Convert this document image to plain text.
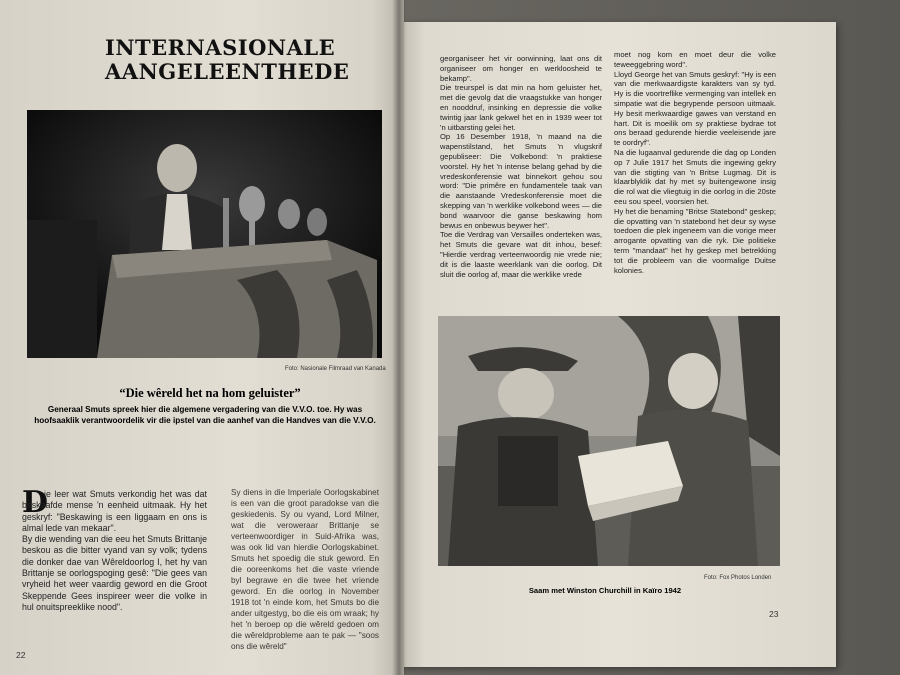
INTERNASIONALE AANGELEENTHEDE
Foto: Nasionale Filmraad van Kanada
“Die wêreld het na hom geluister”
Generaal Smuts spreek hier die algemene vergadering van die V.V.O. toe. Hy was hoofsaaklik verantwoordelik vir die ipstel van die aanhef van die Handves van die V.V.O.
D
ie leer wat Smuts verkondig het was dat beskaafde mense 'n eenheid uitmaak. Hy het geskryf: "Beskawing is een liggaam en ons is almal lede van mekaar".
By die wending van die eeu het Smuts Brittanje beskou as die bitter vyand van sy volk; tydens die donker dae van Wêreldoorlog I, het hy van Brittanje se oorlogspoging gesê: "Die gees van vryheid het weer vaardig geword en die Groot Skeppende Gees inspireer weer die volke in hul onuitspreeklike nood".
Sy diens in die Imperiale Oorlogskabinet is een van die groot paradokse van die geskiedenis. Sy ou vyand, Lord Milner, wat die veroweraar Brittanje se verteenwoordiger in Suid-Afrika was, was ook lid van hierdie Oorlogskabinet. Smuts het spoedig die stuk geword. En die ooreenkoms het die vaste vriende byl begrawe en die twee het vriende geword. En die oorlog in November 1918 tot 'n einde kom, het Smuts bo die ander uitgestyg, bo die eis om wraak; hy het 'n beroep op die wêreld gedoen om die wêreldprobleme aan te pak — "soos ons die wêreld"
22
georganiseer het vir oorwinning, laat ons dit organiseer om honger en werkloosheid te bekamp".
Die treurspel is dat min na hom geluister het, met die gevolg dat die vraagstukke van honger en nooddruf, insinking en depressie die volke twintig jaar lank gekwel het en in 1939 weer tot 'n uitbarsting gelei het.
Op 16 Desember 1918, 'n maand na die wapenstilstand, het Smuts 'n vlugskrif gepubliseer: Die Volkebond: 'n praktiese voorstel. Hy het 'n intense belang gehad by die vredeskonferensie wat binnekort gehou sou word: "Die primêre en fundamentele taak van die aanstaande Vredeskonferensie moet die skepping van 'n werklike volkebond wees — die bond waarvoor die ganse beskawing hom bewus en onbewus beywer het".
Toe die Verdrag van Versailles onderteken was, het Smuts die gevare wat dit inhou, besef: "Hierdie verdrag verteenwoordig nie vrede nie; dit is die laaste weerklank van die oorlog. Dit sluit die oorlog af, maar die werklike vrede
moet nog kom en moet deur die volke teweeggebring word".
Lloyd George het van Smuts geskryf: "Hy is een van die merkwaardigste karakters van sy tyd. Hy is die voortreflike vermenging van intellek en simpatie wat die begrypende persoon uitmaak. Hy besit merkwaardige gawes van verstand en hart. Dit is moeilik om sy praktiese bydrae tot ons beraad gedurende hierdie veeleisende jare te oordryf".
Na die lugaanval gedurende die dag op Londen op 7 Julie 1917 het Smuts die ingewing gekry van die stigting van 'n Britse Lugmag. Dit is klaarblyklik dat hy met sy buitengewone insig die rol wat die vliegtuig in die oorlog in die 20ste eeu sou speel, voorsien het.
Hy het die benaming "Britse Statebond" geskep; die opvatting van 'n statebond het deur sy wyse toedoen die plek ingeneem van die vorige meer arrogante opvatting van die ryk. Die politieke term "mandaat" het hy geskep met betrekking tot die probleem van die voormalige Duitse kolonies.
Foto: Fox Photos Londen
Saam met Winston Churchill in Kaïro 1942
23
